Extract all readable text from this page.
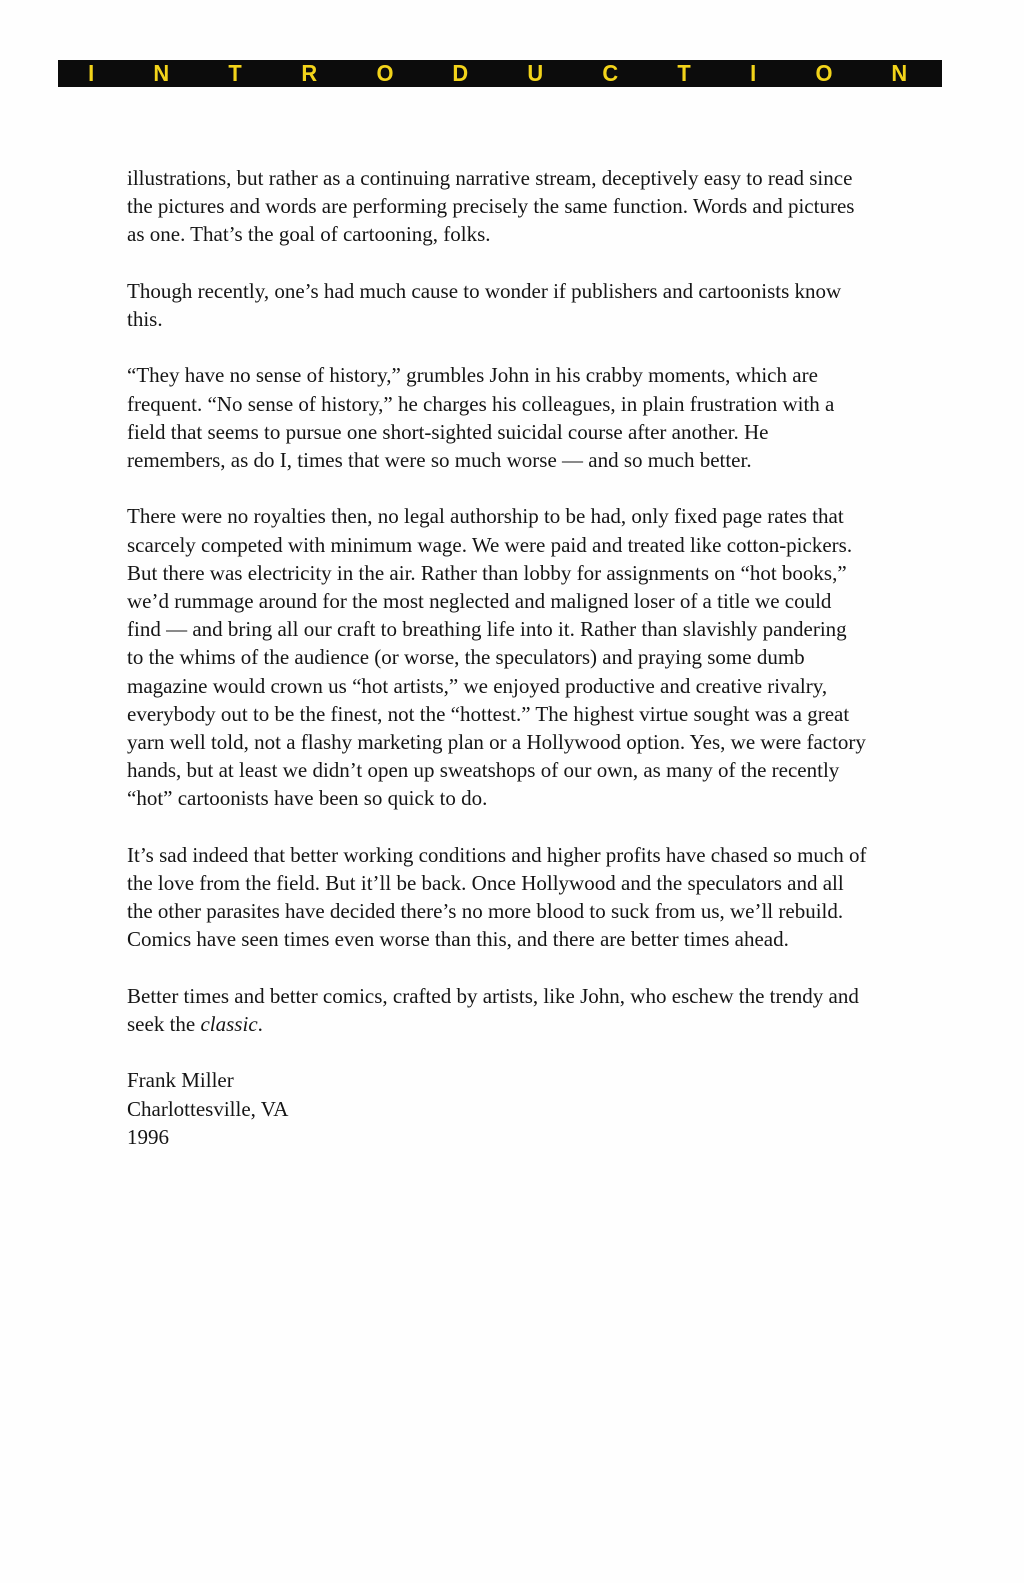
I	N	T	R	O	D	U	C	T	I	O	N

illustrations, but rather as a continuing narrative stream, deceptively easy to read since the pictures and words are performing precisely the same function. Words and pictures as one. That’s the goal of cartooning, folks.

Though recently, one’s had much cause to wonder if publishers and cartoonists know this.

“They have no sense of history,” grumbles John in his crabby moments, which are frequent. “No sense of history,” he charges his colleagues, in plain frustration with a field that seems to pursue one short-sighted suicidal course after another. He remembers, as do I, times that were so much worse — and so much better.

There were no royalties then, no legal authorship to be had, only fixed page rates that scarcely competed with minimum wage. We were paid and treated like cotton-pickers. But there was electricity in the air. Rather than lobby for assignments on “hot books,” we’d rummage around for the most neglected and maligned loser of a title we could find — and bring all our craft to breathing life into it. Rather than slavishly pandering to the whims of the audience (or worse, the speculators) and praying some dumb magazine would crown us “hot artists,” we enjoyed productive and creative rivalry, everybody out to be the finest, not the “hottest.” The highest virtue sought was a great yarn well told, not a flashy marketing plan or a Hollywood option. Yes, we were factory hands, but at least we didn’t open up sweatshops of our own, as many of the recently “hot” cartoonists have been so quick to do.

It’s sad indeed that better working conditions and higher profits have chased so much of the love from the field. But it’ll be back. Once Hollywood and the speculators and all the other parasites have decided there’s no more blood to suck from us, we’ll rebuild. Comics have seen times even worse than this, and there are better times ahead.

Better times and better comics, crafted by artists, like John, who eschew the trendy and seek the classic.

Frank Miller
Charlottesville, VA
1996
